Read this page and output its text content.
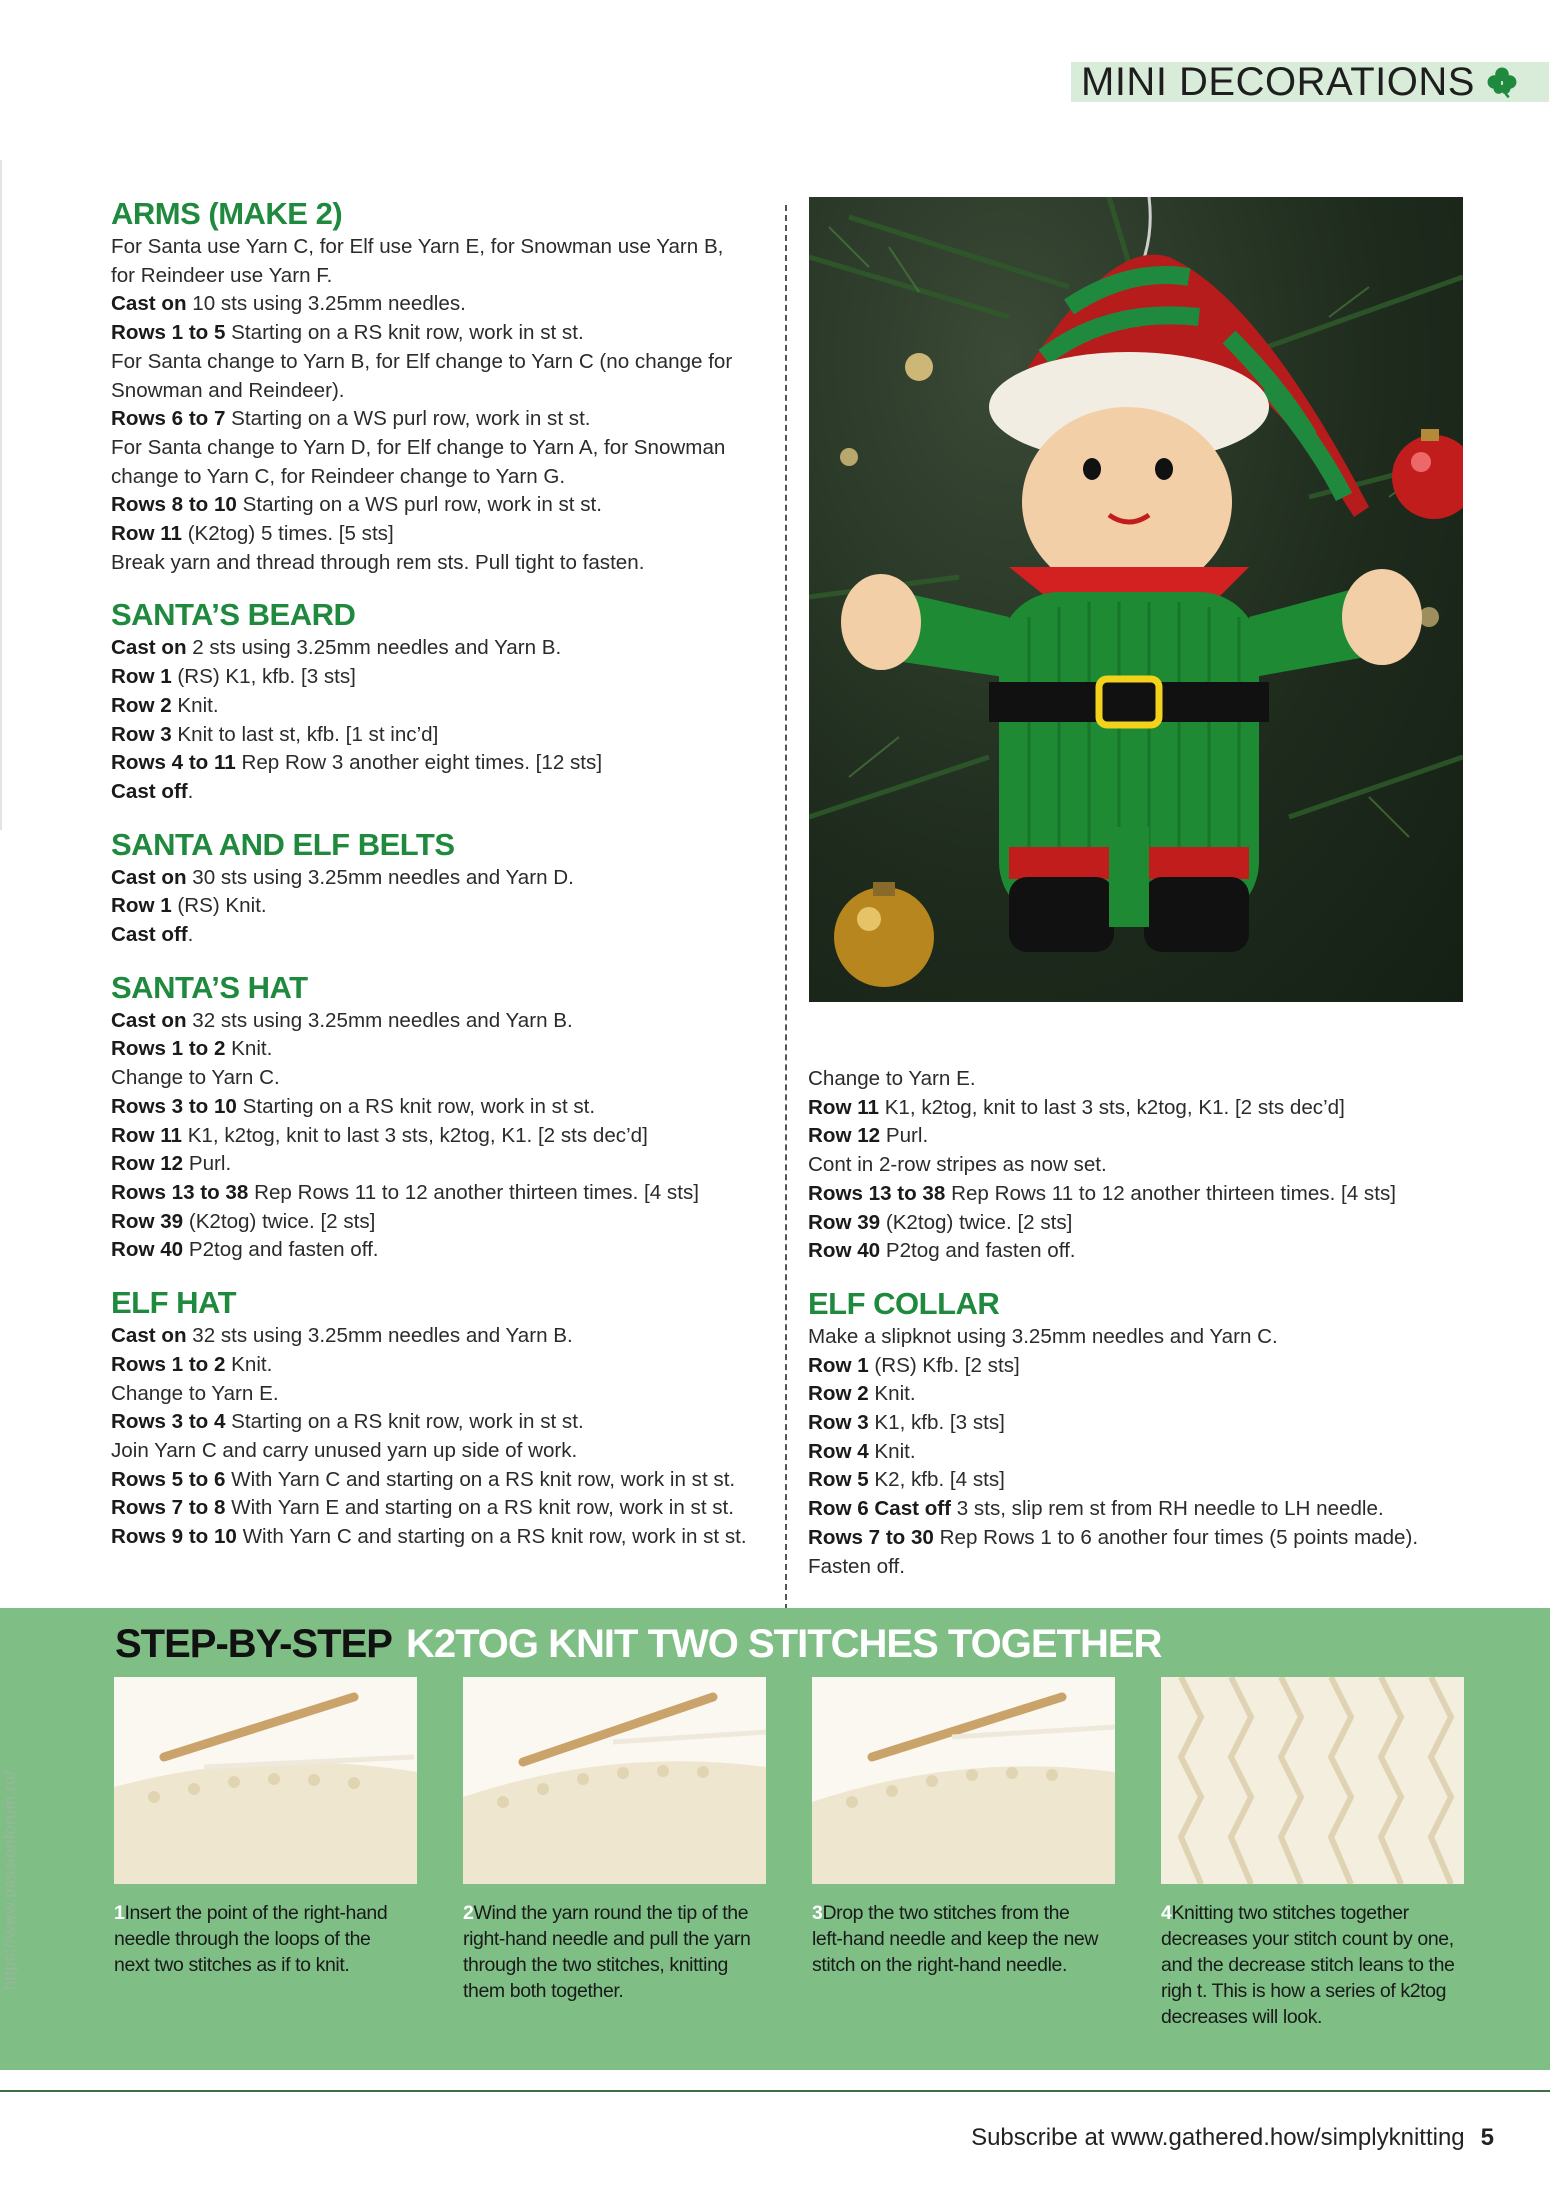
MINI DECORATIONS
ARMS (MAKE 2)
For Santa use Yarn C, for Elf use Yarn E, for Snowman use Yarn B,
for Reindeer use Yarn F.
Cast on 10 sts using 3.25mm needles.
Rows 1 to 5 Starting on a RS knit row, work in st st.
For Santa change to Yarn B, for Elf change to Yarn C (no change for
Snowman and Reindeer).
Rows 6 to 7 Starting on a WS purl row, work in st st.
For Santa change to Yarn D, for Elf change to Yarn A, for Snowman
change to Yarn C, for Reindeer change to Yarn G.
Rows 8 to 10 Starting on a WS purl row, work in st st.
Row 11 (K2tog) 5 times. [5 sts]
Break yarn and thread through rem sts. Pull tight to fasten.
SANTA’S BEARD
Cast on 2 sts using 3.25mm needles and Yarn B.
Row 1 (RS) K1, kfb. [3 sts]
Row 2 Knit.
Row 3 Knit to last st, kfb. [1 st inc’d]
Rows 4 to 11 Rep Row 3 another eight times. [12 sts]
Cast off.
SANTA AND ELF BELTS
Cast on 30 sts using 3.25mm needles and Yarn D.
Row 1 (RS) Knit.
Cast off.
SANTA’S HAT
Cast on 32 sts using 3.25mm needles and Yarn B.
Rows 1 to 2 Knit.
Change to Yarn C.
Rows 3 to 10 Starting on a RS knit row, work in st st.
Row 11 K1, k2tog, knit to last 3 sts, k2tog, K1. [2 sts dec’d]
Row 12 Purl.
Rows 13 to 38 Rep Rows 11 to 12 another thirteen times. [4 sts]
Row 39 (K2tog) twice. [2 sts]
Row 40 P2tog and fasten off.
ELF HAT
Cast on 32 sts using 3.25mm needles and Yarn B.
Rows 1 to 2 Knit.
Change to Yarn E.
Rows 3 to 4 Starting on a RS knit row, work in st st.
Join Yarn C and carry unused yarn up side of work.
Rows 5 to 6 With Yarn C and starting on a RS knit row, work in st st.
Rows 7 to 8 With Yarn E and starting on a RS knit row, work in st st.
Rows 9 to 10 With Yarn C and starting on a RS knit row, work in st st.
Change to Yarn E.
Row 11 K1, k2tog, knit to last 3 sts, k2tog, K1. [2 sts dec’d]
Row 12 Purl.
Cont in 2-row stripes as now set.
Rows 13 to 38 Rep Rows 11 to 12 another thirteen times. [4 sts]
Row 39 (K2tog) twice. [2 sts]
Row 40 P2tog and fasten off.
ELF COLLAR
Make a slipknot using 3.25mm needles and Yarn C.
Row 1 (RS) Kfb. [2 sts]
Row 2 Knit.
Row 3 K1, kfb. [3 sts]
Row 4 Knit.
Row 5 K2, kfb. [4 sts]
Row 6 Cast off 3 sts, slip rem st from RH needle to LH needle.
Rows 7 to 30 Rep Rows 1 to 6 another four times (5 points made).
Fasten off.
STEP-BY-STEP K2TOG KNIT TWO STITCHES TOGETHER
1Insert the point of the right-hand
needle through the loops of the
next two stitches as if to knit.
2Wind the yarn round the tip of the
right-hand needle and pull the yarn
through the two stitches, knitting
them both together.
3Drop the two stitches from the
left-hand needle and keep the new
stitch on the right-hand needle.
4Knitting two stitches together
decreases your stitch count by one,
and the decrease stitch leans to the
righ t. This is how a series of k2tog
decreases will look.
https://www.passionforum.ru/
Subscribe at www.gathered.how/simplyknitting 5
